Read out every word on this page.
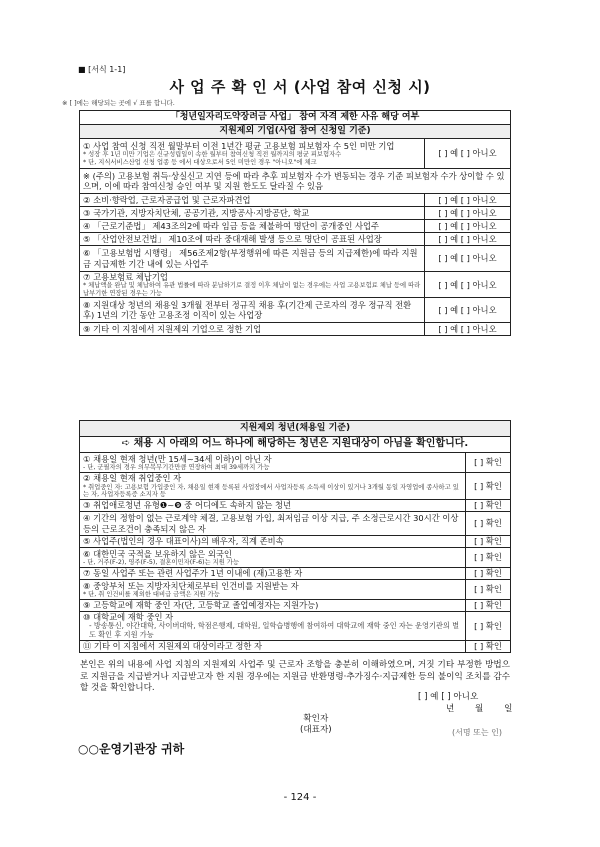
■ [서식 1-1]
사 업 주 확 인 서 (사업 참여 신청 시)
※ [ ]에는 해당되는 곳에 √ 표를 합니다.
「청년일자리도약장려금 사업」 참여 자격 제한 사유 해당 여부	
지원제외 기업(사업 참여 신청일 기준)	
① 사업 참여 신청 직전 월말부터 이전 1년간 평균 고용보험 피보험자 수 5인 미만 기업
* 성장 후 1년 미만 기업은 신규성립일이 속한 월부터 참여신청 직전 월까지의 평균 피보험자수
* 단, 지식서비스산업 신청 업종 등 에서 대상으로서 5인 미만인 경우 "아니오"에 체크	[ ] 예 [ ] 아니오
※ (주의) 고용보험 취득·상실신고 지연 등에 따라 추후 피보험자 수가 변동되는 경우 기준 피보험자 수가 상이할 수 있으며, 이에 따라 참여신청 승인 여부 및 지원 한도도 달라질 수 있음	
② 소비·향락업, 근로자공급업 및 근로자파견업	[ ] 예 [ ] 아니오
③ 국가기관, 지방자치단체, 공공기관, 지방공사·지방공단, 학교	[ ] 예 [ ] 아니오
④ 「근로기준법」 제43조의2에 따라 임금 등을 체불하여 명단이 공개중인 사업주	[ ] 예 [ ] 아니오
⑤ 「산업안전보건법」 제10조에 따라 중대재해 발생 등으로 명단이 공표된 사업장	[ ] 예 [ ] 아니오
⑥ 「고용보험법 시행령」 제56조제2항(부정행위에 따른 지원금 등의 지급제한)에 따라 지원금 지급제한 기간 내에 있는 사업주	[ ] 예 [ ] 아니오
⑦ 고용보험료 체납기업
* 체납액을 완납 및 체납하여 유관 법률에 따라 분납하기로 결정 이후 체납이 없는 경우에는 사업 고용보험료 체납 등에 따라 납부기한 연장된 경우는 가능	[ ] 예 [ ] 아니오
⑧ 지원대상 청년의 채용일 3개월 전부터 정규직 채용 후(기간제 근로자의 경우 정규직 전환 후) 1년의 기간 동안 고용조정 이직이 있는 사업장	[ ] 예 [ ] 아니오
⑨ 기타 이 지침에서 지원제외 기업으로 정한 기업	[ ] 예 [ ] 아니오
지원제외 청년(채용일 기준)	
➪ 채용 시 아래의 어느 하나에 해당하는 청년은 지원대상이 아님을 확인합니다.	
① 채용일 현재 청년(만 15세~34세 이하)이 아닌 자
- 단, 군필자의 경우 의무복무기간만큼 연장하여 최대 39세까지 가능	[ ] 확인
② 채용일 현재 취업중인 자
* 취업중인 자: 고용보험 가입중인 자, 채용일 현재 등록된 사업장에서 사업자등록 소득세 이상이 있거나 3개월 동일 자영업에 종사하고 있는 자, 사업자등록증 소지자 등	[ ] 확인
③ 취업애로청년 유형❶~❾ 중 어디에도 속하지 않는 청년	[ ] 확인
④ 기간의 정함이 없는 근로계약 체결, 고용보험 가입, 최저임금 이상 지급, 주 소정근로시간 30시간 이상 등의 근로조건이 충족되지 않은 자	[ ] 확인
⑤ 사업주(법인의 경우 대표이사)의 배우자, 직계 존비속	[ ] 확인
⑥ 대한민국 국적을 보유하지 않은 외국인
- 단, 거주(F-2), 영주(F-5), 결혼이민자(F-6)는 지원 가능	[ ] 확인
⑦ 동일 사업주 또는 관련 사업주가 1년 이내에 (재)고용한 자	[ ] 확인
⑧ 중앙부처 또는 지방자치단체로부터 인건비를 지원받는 자
* 단, 취 인건비를 제외한 대비급 금액은 지원 가능	[ ] 확인
⑨ 고등학교에 재학 중인 자(단, 고등학교 졸업예정자는 지원가능)	[ ] 확인
⑩ 대학교에 재학 중인 자
- 방송통신, 야간대학, 사이버대학, 학점은행제, 대학원, 일학습병행에 참여하여 대학교에 재학 중인 자는 운영기관의 별도 확인 후 지원 가능	[ ] 확인
⑪ 기타 이 지침에서 지원제외 대상이라고 정한 자	[ ] 확인
본인은 위의 내용에 사업 지침의 지원제외 사업주 및 근로자 조항을 충분히 이해하였으며, 거짓 기타 부정한 방법으로 지원금을 지급받거나 지급받고자 한 지원 경우에는 지원금 반환명령·추가징수·지급제한 등의 불이익 조치를 감수할 것을 확인합니다.
[ ] 예 [ ] 아니오
년 월 일
확인자
(대표자)	(서명 또는 인)
○○운영기관장 귀하
- 124 -
